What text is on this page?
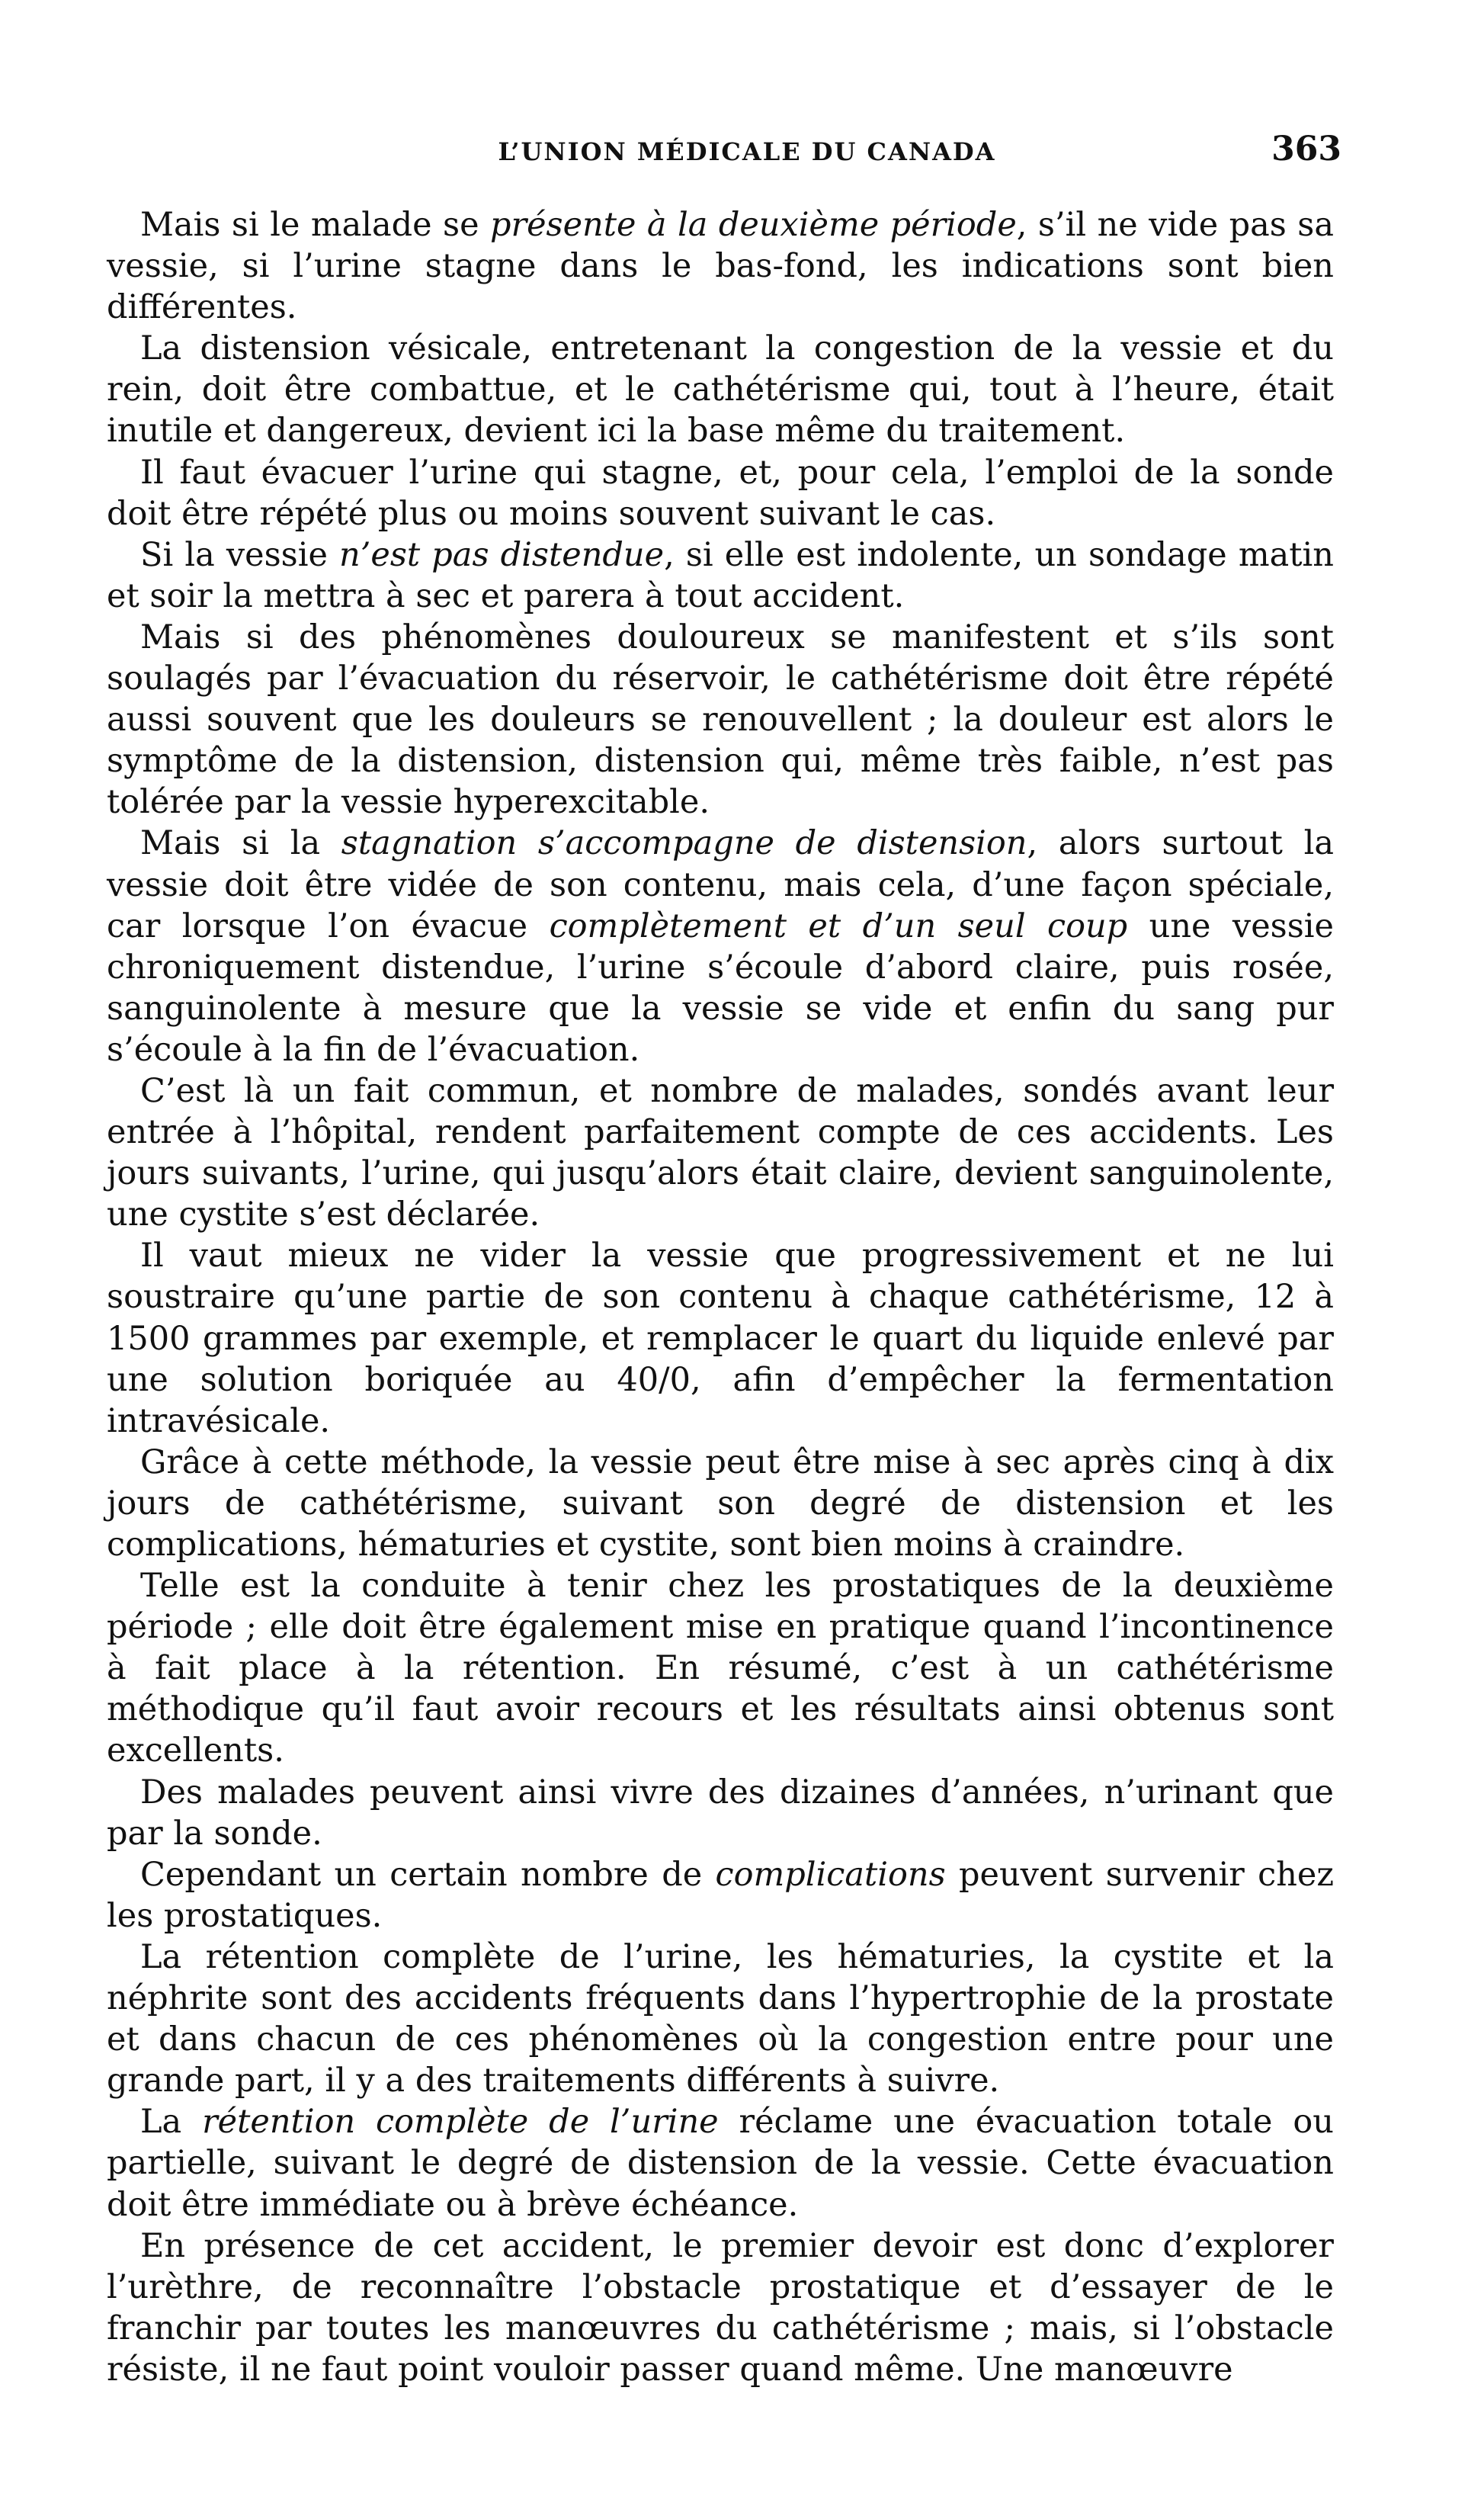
L’UNION MÉDICALE DU CANADA	363

Mais si le malade se présente à la deuxième période, s’il ne vide pas sa vessie, si l’urine stagne dans le bas-fond, les indications sont bien différentes.

La distension vésicale, entretenant la congestion de la vessie et du rein, doit être combattue, et le cathétérisme qui, tout à l’heure, était inutile et dangereux, devient ici la base même du traitement.

Il faut évacuer l’urine qui stagne, et, pour cela, l’emploi de la sonde doit être répété plus ou moins souvent suivant le cas.

Si la vessie n’est pas distendue, si elle est indolente, un sondage matin et soir la mettra à sec et parera à tout accident.

Mais si des phénomènes douloureux se manifestent et s’ils sont soulagés par l’évacuation du réservoir, le cathétérisme doit être répété aussi souvent que les douleurs se renouvellent ; la douleur est alors le symptôme de la distension, distension qui, même très faible, n’est pas tolérée par la vessie hyperexcitable.

Mais si la stagnation s’accompagne de distension, alors surtout la vessie doit être vidée de son contenu, mais cela, d’une façon spéciale, car lorsque l’on évacue complètement et d’un seul coup une vessie chroniquement distendue, l’urine s’écoule d’abord claire, puis rosée, sanguinolente à mesure que la vessie se vide et enfin du sang pur s’écoule à la fin de l’évacuation.

C’est là un fait commun, et nombre de malades, sondés avant leur entrée à l’hôpital, rendent parfaitement compte de ces accidents. Les jours suivants, l’urine, qui jusqu’alors était claire, devient sanguinolente, une cystite s’est déclarée.

Il vaut mieux ne vider la vessie que progressivement et ne lui soustraire qu’une partie de son contenu à chaque cathétérisme, 12 à 1500 grammes par exemple, et remplacer le quart du liquide enlevé par une solution boriquée au 40/0, afin d’empêcher la fermentation intravésicale.

Grâce à cette méthode, la vessie peut être mise à sec après cinq à dix jours de cathétérisme, suivant son degré de distension et les complications, hématuries et cystite, sont bien moins à craindre.

Telle est la conduite à tenir chez les prostatiques de la deuxième période ; elle doit être également mise en pratique quand l’incontinence à fait place à la rétention. En résumé, c’est à un cathétérisme méthodique qu’il faut avoir recours et les résultats ainsi obtenus sont excellents.

Des malades peuvent ainsi vivre des dizaines d’années, n’urinant que par la sonde.

Cependant un certain nombre de complications peuvent survenir chez les prostatiques.

La rétention complète de l’urine, les hématuries, la cystite et la néphrite sont des accidents fréquents dans l’hypertrophie de la prostate et dans chacun de ces phénomènes où la congestion entre pour une grande part, il y a des traitements différents à suivre.

La rétention complète de l’urine réclame une évacuation totale ou partielle, suivant le degré de distension de la vessie. Cette évacuation doit être immédiate ou à brève échéance.

En présence de cet accident, le premier devoir est donc d’explorer l’urèthre, de reconnaître l’obstacle prostatique et d’essayer de le franchir par toutes les manœuvres du cathétérisme ; mais, si l’obstacle résiste, il ne faut point vouloir passer quand même. Une manœuvre
